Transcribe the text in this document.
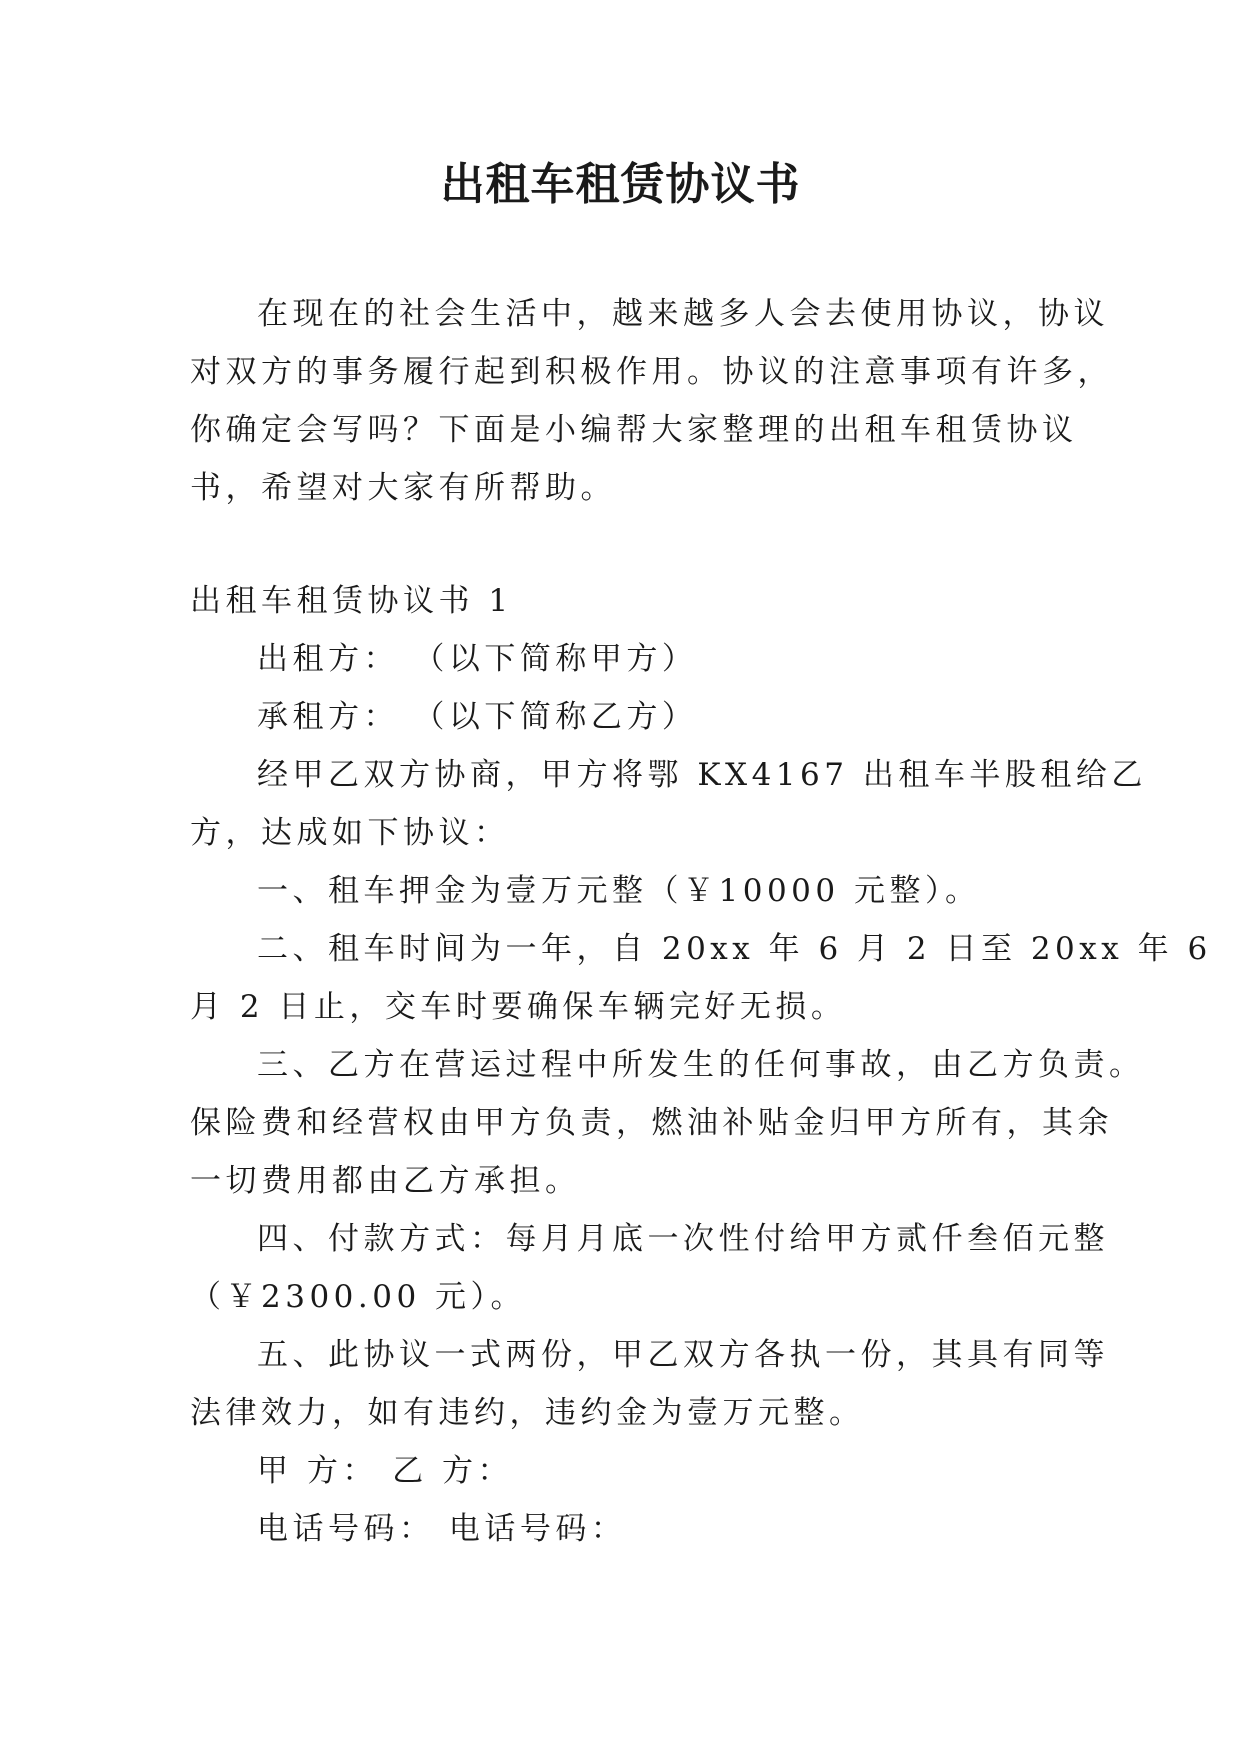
出租车租赁协议书
在现在的社会生活中，越来越多人会去使用协议，协议
对双方的事务履行起到积极作用。协议的注意事项有许多，
你确定会写吗？下面是小编帮大家整理的出租车租赁协议
书，希望对大家有所帮助。
出租车租赁协议书 1
出租方： （以下简称甲方）
承租方： （以下简称乙方）
经甲乙双方协商，甲方将鄂 KX4167 出租车半股租给乙
方，达成如下协议：
一、租车押金为壹万元整（￥10000 元整）。
二、租车时间为一年，自 20xx 年 6 月 2 日至 20xx 年 6
月 2 日止，交车时要确保车辆完好无损。
三、乙方在营运过程中所发生的任何事故，由乙方负责。
保险费和经营权由甲方负责，燃油补贴金归甲方所有，其余
一切费用都由乙方承担。
四、付款方式：每月月底一次性付给甲方贰仟叁佰元整
（￥2300.00 元）。
五、此协议一式两份，甲乙双方各执一份，其具有同等
法律效力，如有违约，违约金为壹万元整。
甲 方： 乙 方：
电话号码： 电话号码：
